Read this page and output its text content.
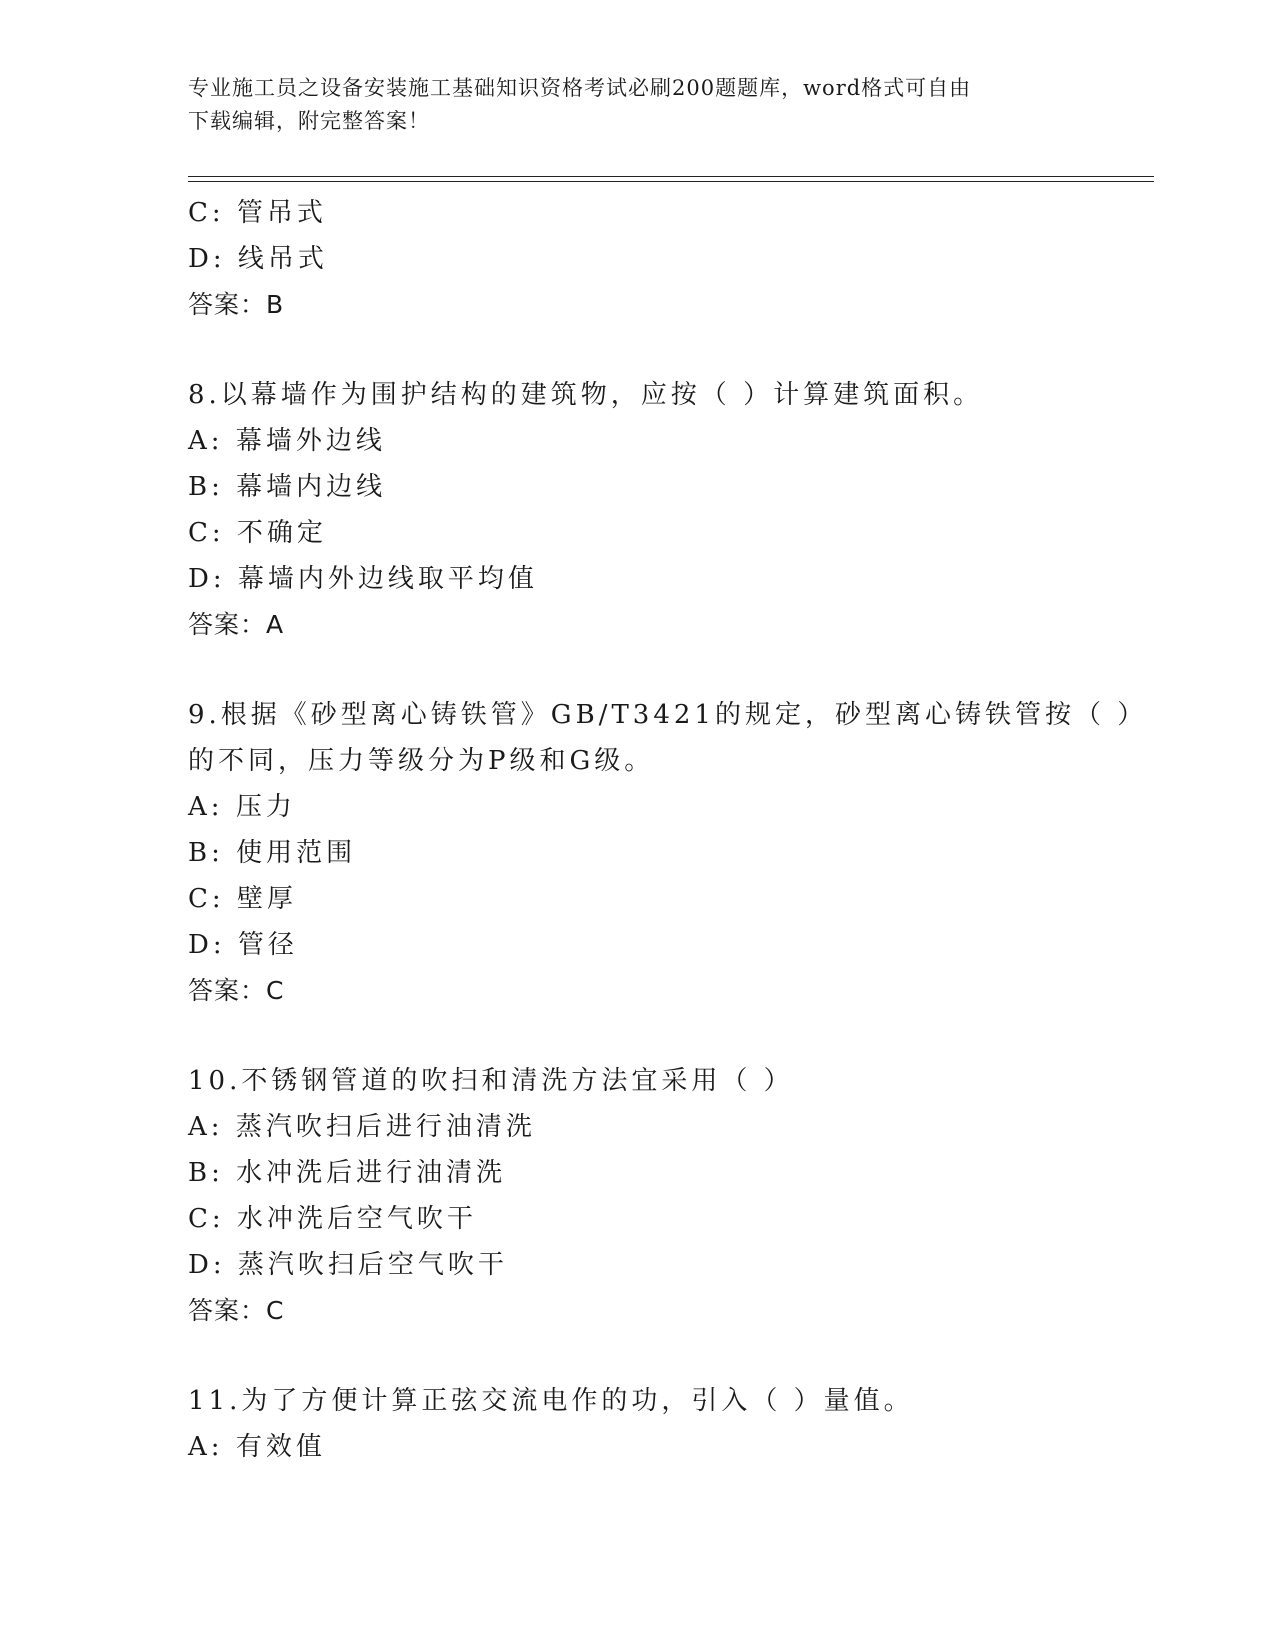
专业施工员之设备安装施工基础知识资格考试必刷200题题库，word格式可自由
下载编辑，附完整答案！
C: 管吊式
D: 线吊式
答案：B
8.以幕墙作为围护结构的建筑物，应按（ ）计算建筑面积。
A: 幕墙外边线
B: 幕墙内边线
C: 不确定
D: 幕墙内外边线取平均值
答案：A
9.根据《砂型离心铸铁管》GB/T3421的规定，砂型离心铸铁管按（ ）
的不同，压力等级分为P级和G级。
A: 压力
B: 使用范围
C: 壁厚
D: 管径
答案：C
10.不锈钢管道的吹扫和清洗方法宜采用（ ）
A: 蒸汽吹扫后进行油清洗
B: 水冲洗后进行油清洗
C: 水冲洗后空气吹干
D: 蒸汽吹扫后空气吹干
答案：C
11.为了方便计算正弦交流电作的功，引入（ ）量值。
A: 有效值
